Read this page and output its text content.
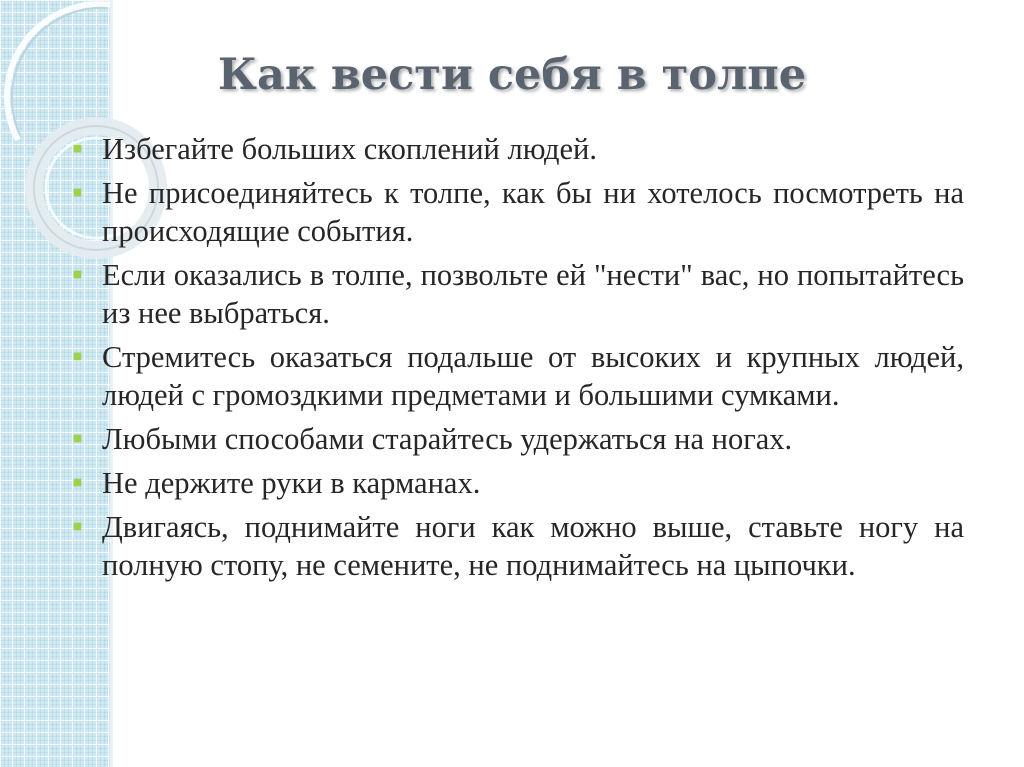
Как вести себя в толпе
Избегайте больших скоплений людей.
Не присоединяйтесь к толпе, как бы ни хотелось посмотреть на происходящие события.
Если оказались в толпе, позвольте ей "нести" вас, но попытайтесь из нее выбраться.
Стремитесь оказаться подальше от высоких и крупных людей, людей с громоздкими предметами и большими сумками.
Любыми способами старайтесь удержаться на ногах.
Не держите руки в карманах.
Двигаясь, поднимайте ноги как можно выше, ставьте ногу на полную стопу, не семените, не поднимайтесь на цыпочки.
